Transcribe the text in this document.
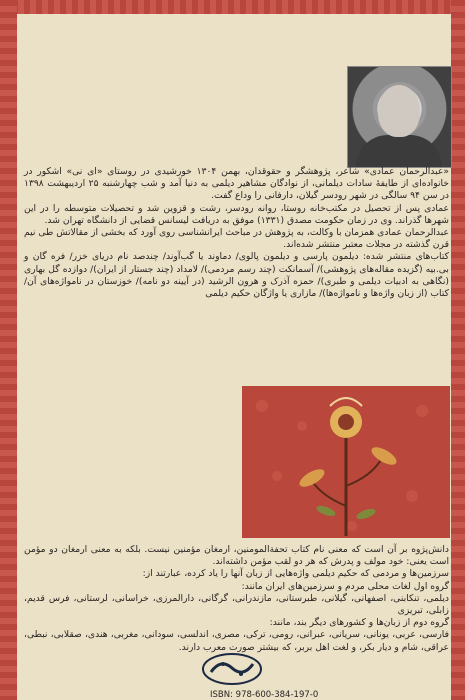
«عبدالرحمان عمادی» شاعر، پژوهشگر و حقوقدان، بهمن ۱۳۰۴ خورشیدی در روستای «ای نی» اشکور در خانواده‌ای از طایفهٔ سادات دیلمانی، از نوادگان مشاهیر دیلمی به دنیا آمد و شب چهارشنبه ۲۵ اردیبهشت ۱۳۹۸ در سن ۹۴ سالگی در شهر رودسر گیلان، دارفانی را وداع گفت.

عمادی پس از تحصیل در مکتب‌خانه روستا، روانه رودسر، رشت و قزوین شد و تحصیلات متوسطه را در این شهرها گذراند. وی در زمان حکومت مصدق (۱۳۳۱) موفق به دریافت لیسانس قضایی از دانشگاه تهران شد.

عبدالرحمان عمادی همزمان با وکالت، به پژوهش در مباحث ایرانشناسی روی آورد که بخشی از مقالاتش طی نیم قرن گذشته در مجلات معتبر منتشر شده‌اند.

کتاب‌های منتشر شده: دیلمون پارسی و دیلمون پالوی/ دماوند یا گب‌آوند/ چندصد نام دریای خزر/ فره گان و بی.بیه (گزیده مقاله‌های پژوهشی)/ آسمانکت (چند رسم مردمی)/ لامداد (چند جستار از ایران)/ دوازده گل بهاری (نگاهی به ادبیات دیلمی و طبری)/ حمزه آذرک و هرون الرشید (در آیینه دو نامه)/ خوزستان در نامواژه‌های آن/ کتاب (از زبان واژه‌ها و نامواژه‌ها)/ مازاری یا واژگان حکیم دیلمی

دانش‌پژوه بر آن است که معنی نام کتاب تحفة‌المومنین، ارمغان مؤمنین نیست. بلکه به معنی ارمغان دو مؤمن است یعنی: خود مولف و پدرش که هر دو لقب مؤمن داشته‌اند.

سرزمین‌ها و مردمی که حکیم دیلمی واژه‌هایی از زبان آنها را یاد کرده، عبارتند از:

گروه اول لغات محلی مردم و سرزمین‌های ایران مانند:

دیلمی، تنکابنی، اصفهانی، گیلانی، طبرستانی، مازندرانی، گرگانی، دارالمرزی، خراسانی، لرستانی، فرس قدیم، زابلی، تبریزی

گروه دوم از زبان‌ها و کشورهای دیگر بند، مانند:

فارسی، عربی، یونانی، سریانی، عبرانی، رومی، ترکی، مصری، اندلسی، سودانی، مغربی، هندی، صقلابی، نبطی، عراقی، شام و دیار بکر، و لغت اهل بربر، که بیشتر صورت معرب دارند.

ISBN: 978-600-384-197-0
